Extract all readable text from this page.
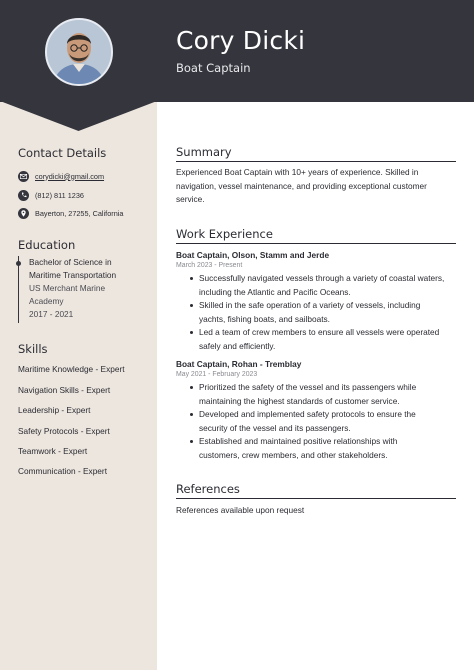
Cory Dicki
Boat Captain
Contact Details
corydicki@gmail.com
(812) 811 1236
Bayerton, 27255, California
Education
Bachelor of Science in
Maritime Transportation
US Merchant Marine
Academy
2017 - 2021
Skills
Maritime Knowledge - Expert
Navigation Skills - Expert
Leadership - Expert
Safety Protocols - Expert
Teamwork - Expert
Communication - Expert
Summary
Experienced Boat Captain with 10+ years of experience. Skilled in
navigation, vessel maintenance, and providing exceptional customer
service.
Work Experience
Boat Captain, Olson, Stamm and Jerde
March 2023 - Present
Successfully navigated vessels through a variety of coastal waters,
including the Atlantic and Pacific Oceans.
Skilled in the safe operation of a variety of vessels, including
yachts, fishing boats, and sailboats.
Led a team of crew members to ensure all vessels were operated
safely and efficiently.
Boat Captain, Rohan - Tremblay
May 2021 - February 2023
Prioritized the safety of the vessel and its passengers while
maintaining the highest standards of customer service.
Developed and implemented safety protocols to ensure the
security of the vessel and its passengers.
Established and maintained positive relationships with
customers, crew members, and other stakeholders.
References
References available upon request
